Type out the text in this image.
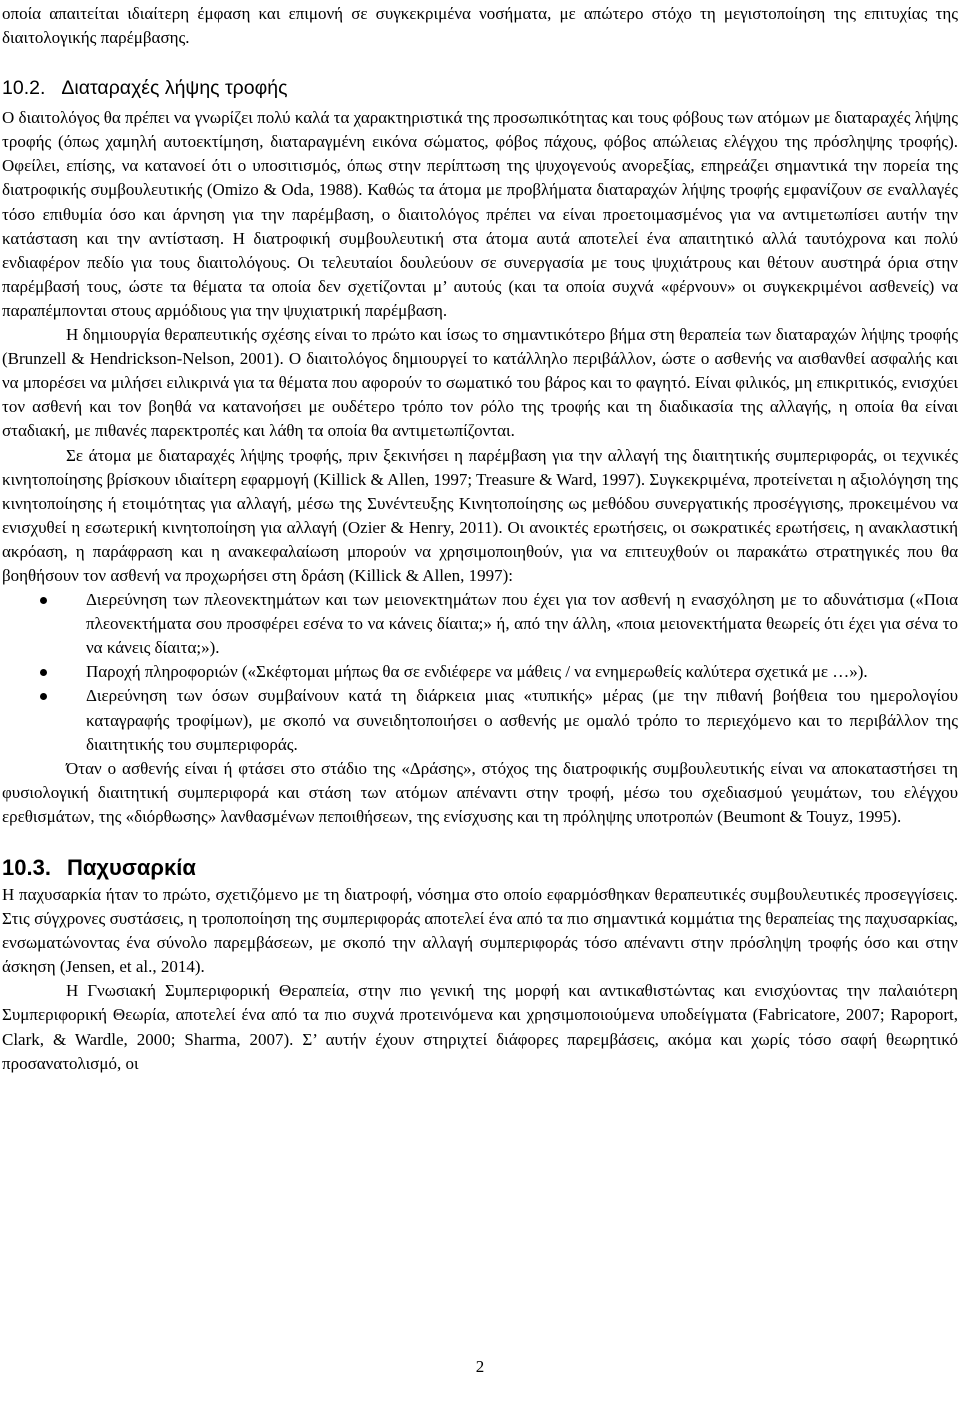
οποία απαιτείται ιδιαίτερη έμφαση και επιμονή σε συγκεκριμένα νοσήματα, με απώτερο στόχο τη μεγιστοποίηση της επιτυχίας της διαιτολογικής παρέμβασης.

10.2. Διαταραχές λήψης τροφής

Ο διαιτολόγος θα πρέπει να γνωρίζει πολύ καλά τα χαρακτηριστικά της προσωπικότητας και τους φόβους των ατόμων με διαταραχές λήψης τροφής (όπως χαμηλή αυτοεκτίμηση, διαταραγμένη εικόνα σώματος, φόβος πάχους, φόβος απώλειας ελέγχου της πρόσληψης τροφής). Οφείλει, επίσης, να κατανοεί ότι ο υποσιτισμός, όπως στην περίπτωση της ψυχογενούς ανορεξίας, επηρεάζει σημαντικά την πορεία της διατροφικής συμβουλευτικής (Omizo & Oda, 1988). Καθώς τα άτομα με προβλήματα διαταραχών λήψης τροφής εμφανίζουν σε εναλλαγές τόσο επιθυμία όσο και άρνηση για την παρέμβαση, ο διαιτολόγος πρέπει να είναι προετοιμασμένος για να αντιμετωπίσει αυτήν την κατάσταση και την αντίσταση. Η διατροφική συμβουλευτική στα άτομα αυτά αποτελεί ένα απαιτητικό αλλά ταυτόχρονα και πολύ ενδιαφέρον πεδίο για τους διαιτολόγους. Οι τελευταίοι δουλεύουν σε συνεργασία με τους ψυχιάτρους και θέτουν αυστηρά όρια στην παρέμβασή τους, ώστε τα θέματα τα οποία δεν σχετίζονται μ’ αυτούς (και τα οποία συχνά «φέρνουν» οι συγκεκριμένοι ασθενείς) να παραπέμπονται στους αρμόδιους για την ψυχιατρική παρέμβαση.

Η δημιουργία θεραπευτικής σχέσης είναι το πρώτο και ίσως το σημαντικότερο βήμα στη θεραπεία των διαταραχών λήψης τροφής (Brunzell & Hendrickson-Nelson, 2001). Ο διαιτολόγος δημιουργεί το κατάλληλο περιβάλλον, ώστε ο ασθενής να αισθανθεί ασφαλής και να μπορέσει να μιλήσει ειλικρινά για τα θέματα που αφορούν το σωματικό του βάρος και το φαγητό. Είναι φιλικός, μη επικριτικός, ενισχύει τον ασθενή και τον βοηθά να κατανοήσει με ουδέτερο τρόπο τον ρόλο της τροφής και τη διαδικασία της αλλαγής, η οποία θα είναι σταδιακή, με πιθανές παρεκτροπές και λάθη τα οποία θα αντιμετωπίζονται.

Σε άτομα με διαταραχές λήψης τροφής, πριν ξεκινήσει η παρέμβαση για την αλλαγή της διαιτητικής συμπεριφοράς, οι τεχνικές κινητοποίησης βρίσκουν ιδιαίτερη εφαρμογή (Killick & Allen, 1997; Treasure & Ward, 1997). Συγκεκριμένα, προτείνεται η αξιολόγηση της κινητοποίησης ή ετοιμότητας για αλλαγή, μέσω της Συνέντευξης Κινητοποίησης ως μεθόδου συνεργατικής προσέγγισης, προκειμένου να ενισχυθεί η εσωτερική κινητοποίηση για αλλαγή (Ozier & Henry, 2011). Οι ανοικτές ερωτήσεις, οι σωκρατικές ερωτήσεις, η ανακλαστική ακρόαση, η παράφραση και η ανακεφαλαίωση μπορούν να χρησιμοποιηθούν, για να επιτευχθούν οι παρακάτω στρατηγικές που θα βοηθήσουν τον ασθενή να προχωρήσει στη δράση (Killick & Allen, 1997):

Διερεύνηση των πλεονεκτημάτων και των μειονεκτημάτων που έχει για τον ασθενή η ενασχόληση με το αδυνάτισμα («Ποια πλεονεκτήματα σου προσφέρει εσένα το να κάνεις δίαιτα;» ή, από την άλλη, «ποια μειονεκτήματα θεωρείς ότι έχει για σένα το να κάνεις δίαιτα;»).
Παροχή πληροφοριών («Σκέφτομαι μήπως θα σε ενδιέφερε να μάθεις / να ενημερωθείς καλύτερα σχετικά με …»).
Διερεύνηση των όσων συμβαίνουν κατά τη διάρκεια μιας «τυπικής» μέρας (με την πιθανή βοήθεια του ημερολογίου καταγραφής τροφίμων), με σκοπό να συνειδητοποιήσει ο ασθενής με ομαλό τρόπο το περιεχόμενο και το περιβάλλον της διαιτητικής του συμπεριφοράς.

Όταν ο ασθενής είναι ή φτάσει στο στάδιο της «Δράσης», στόχος της διατροφικής συμβουλευτικής είναι να αποκαταστήσει τη φυσιολογική διαιτητική συμπεριφορά και στάση των ατόμων απέναντι στην τροφή, μέσω του σχεδιασμού γευμάτων, του ελέγχου ερεθισμάτων, της «διόρθωσης» λανθασμένων πεποιθήσεων, της ενίσχυσης και τη πρόληψης υποτροπών (Beumont & Touyz, 1995).

10.3. Παχυσαρκία

Η παχυσαρκία ήταν το πρώτο, σχετιζόμενο με τη διατροφή, νόσημα στο οποίο εφαρμόσθηκαν θεραπευτικές συμβουλευτικές προσεγγίσεις. Στις σύγχρονες συστάσεις, η τροποποίηση της συμπεριφοράς αποτελεί ένα από τα πιο σημαντικά κομμάτια της θεραπείας της παχυσαρκίας, ενσωματώνοντας ένα σύνολο παρεμβάσεων, με σκοπό την αλλαγή συμπεριφοράς τόσο απέναντι στην πρόσληψη τροφής όσο και στην άσκηση (Jensen, et al., 2014).

Η Γνωσιακή Συμπεριφορική Θεραπεία, στην πιο γενική της μορφή και αντικαθιστώντας και ενισχύοντας την παλαιότερη Συμπεριφορική Θεωρία, αποτελεί ένα από τα πιο συχνά προτεινόμενα και χρησιμοποιούμενα υποδείγματα (Fabricatore, 2007; Rapoport, Clark, & Wardle, 2000; Sharma, 2007). Σ’ αυτήν έχουν στηριχτεί διάφορες παρεμβάσεις, ακόμα και χωρίς τόσο σαφή θεωρητικό προσανατολισμό, οι

2
